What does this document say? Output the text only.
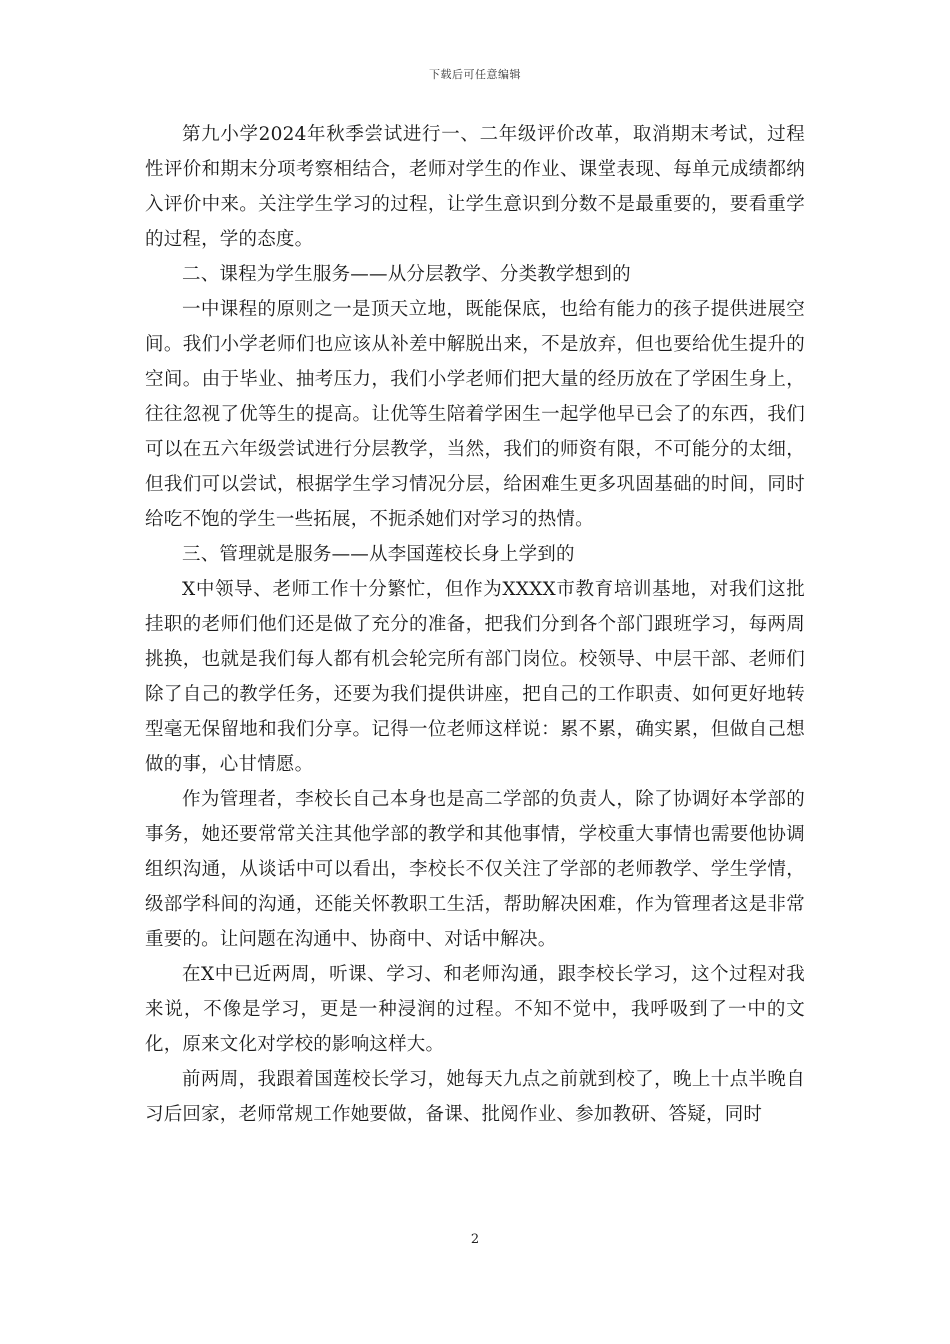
下载后可任意编辑

第九小学2024年秋季尝试进行一、二年级评价改革，取消期末考试，过程性评价和期末分项考察相结合，老师对学生的作业、课堂表现、每单元成绩都纳入评价中来。关注学生学习的过程，让学生意识到分数不是最重要的，要看重学的过程，学的态度。

二、课程为学生服务——从分层教学、分类教学想到的

一中课程的原则之一是顶天立地，既能保底，也给有能力的孩子提供进展空间。我们小学老师们也应该从补差中解脱出来，不是放弃，但也要给优生提升的空间。由于毕业、抽考压力，我们小学老师们把大量的经历放在了学困生身上，往往忽视了优等生的提高。让优等生陪着学困生一起学他早已会了的东西，我们可以在五六年级尝试进行分层教学，当然，我们的师资有限，不可能分的太细，但我们可以尝试，根据学生学习情况分层，给困难生更多巩固基础的时间，同时给吃不饱的学生一些拓展，不扼杀她们对学习的热情。

三、管理就是服务——从李国莲校长身上学到的

X中领导、老师工作十分繁忙，但作为XXXX市教育培训基地，对我们这批挂职的老师们他们还是做了充分的准备，把我们分到各个部门跟班学习，每两周挑换，也就是我们每人都有机会轮完所有部门岗位。校领导、中层干部、老师们除了自己的教学任务，还要为我们提供讲座，把自己的工作职责、如何更好地转型毫无保留地和我们分享。记得一位老师这样说：累不累，确实累，但做自己想做的事，心甘情愿。

作为管理者，李校长自己本身也是高二学部的负责人，除了协调好本学部的事务，她还要常常关注其他学部的教学和其他事情，学校重大事情也需要他协调组织沟通，从谈话中可以看出，李校长不仅关注了学部的老师教学、学生学情，级部学科间的沟通，还能关怀教职工生活，帮助解决困难，作为管理者这是非常重要的。让问题在沟通中、协商中、对话中解决。

在X中已近两周，听课、学习、和老师沟通，跟李校长学习，这个过程对我来说，不像是学习，更是一种浸润的过程。不知不觉中，我呼吸到了一中的文化，原来文化对学校的影响这样大。

前两周，我跟着国莲校长学习，她每天九点之前就到校了，晚上十点半晚自习后回家，老师常规工作她要做，备课、批阅作业、参加教研、答疑，同时

2
